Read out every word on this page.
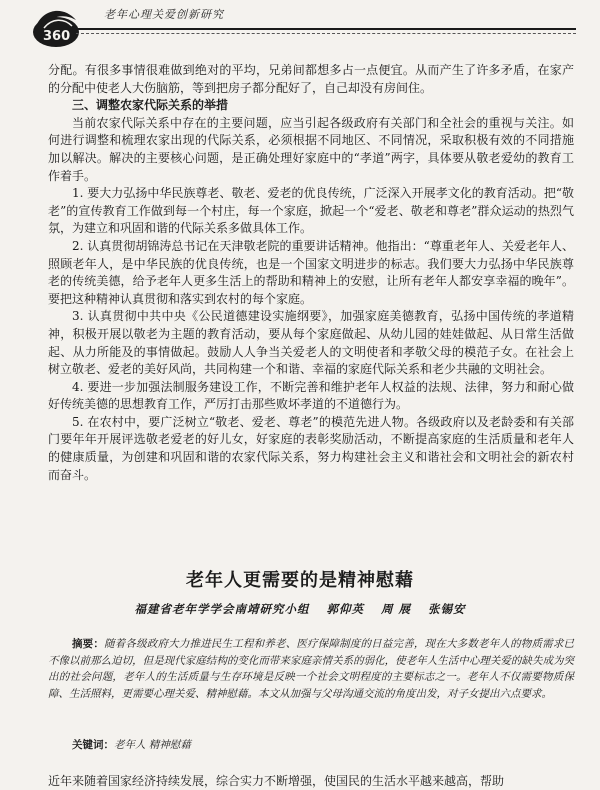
360
老年心理关爱创新研究

分配。有很多事情很难做到绝对的平均，兄弟间都想多占一点便宜。从而产生了许多矛盾，在家产的分配中使老人大伤脑筋，等到把房子都分配好了，自己却没有房间住。

三、调整农家代际关系的举措

当前农家代际关系中存在的主要问题，应当引起各级政府有关部门和全社会的重视与关注。如何进行调整和梳理农家出现的代际关系，必须根据不同地区、不同情况，采取积极有效的不同措施加以解决。解决的主要核心问题，是正确处理好家庭中的“孝道”两字，具体要从敬老爱幼的教育工作着手。

1. 要大力弘扬中华民族尊老、敬老、爱老的优良传统，广泛深入开展孝文化的教育活动。把“敬老”的宣传教育工作做到每一个村庄，每一个家庭，掀起一个“爱老、敬老和尊老”群众运动的热烈气氛，为建立和巩固和谐的代际关系多做具体工作。

2. 认真贯彻胡锦涛总书记在天津敬老院的重要讲话精神。他指出：“尊重老年人、关爱老年人、照顾老年人，是中华民族的优良传统，也是一个国家文明进步的标志。我们要大力弘扬中华民族尊老的传统美德，给予老年人更多生活上的帮助和精神上的安慰，让所有老年人都安享幸福的晚年”。要把这种精神认真贯彻和落实到农村的每个家庭。

3. 认真贯彻中共中央《公民道德建设实施纲要》，加强家庭美德教育，弘扬中国传统的孝道精神，积极开展以敬老为主题的教育活动，要从每个家庭做起、从幼儿园的娃娃做起、从日常生活做起、从力所能及的事情做起。鼓励人人争当关爱老人的文明使者和孝敬父母的模范子女。在社会上树立敬老、爱老的美好风尚，共同构建一个和谐、幸福的家庭代际关系和老少共融的文明社会。

4. 要进一步加强法制服务建设工作，不断完善和维护老年人权益的法规、法律，努力和耐心做好传统美德的思想教育工作，严厉打击那些败坏孝道的不道德行为。

5. 在农村中，要广泛树立“敬老、爱老、尊老”的模范先进人物。各级政府以及老龄委和有关部门要年年开展评选敬老爱老的好儿女，好家庭的表彰奖励活动，不断提高家庭的生活质量和老年人的健康质量，为创建和巩固和谐的农家代际关系，努力构建社会主义和谐社会和文明社会的新农村而奋斗。

老年人更需要的是精神慰藉
福建省老年学学会南靖研究小组 郭仰英 周 展 张锡安
摘要：随着各级政府大力推进民生工程和养老、医疗保障制度的日益完善，现在大多数老年人的物质需求已不像以前那么迫切，但是现代家庭结构的变化而带来家庭亲情关系的弱化，使老年人生活中心理关爱的缺失成为突出的社会问题，老年人的生活质量与生存环境是反映一个社会文明程度的主要标志之一。老年人不仅需要物质保障、生活照料，更需要心理关爱、精神慰藉。本文从加强与父母沟通交流的角度出发，对子女提出六点要求。
关键词：老年人 精神慰藉
近年来随着国家经济持续发展，综合实力不断增强，使国民的生活水平越来越高，帮助
